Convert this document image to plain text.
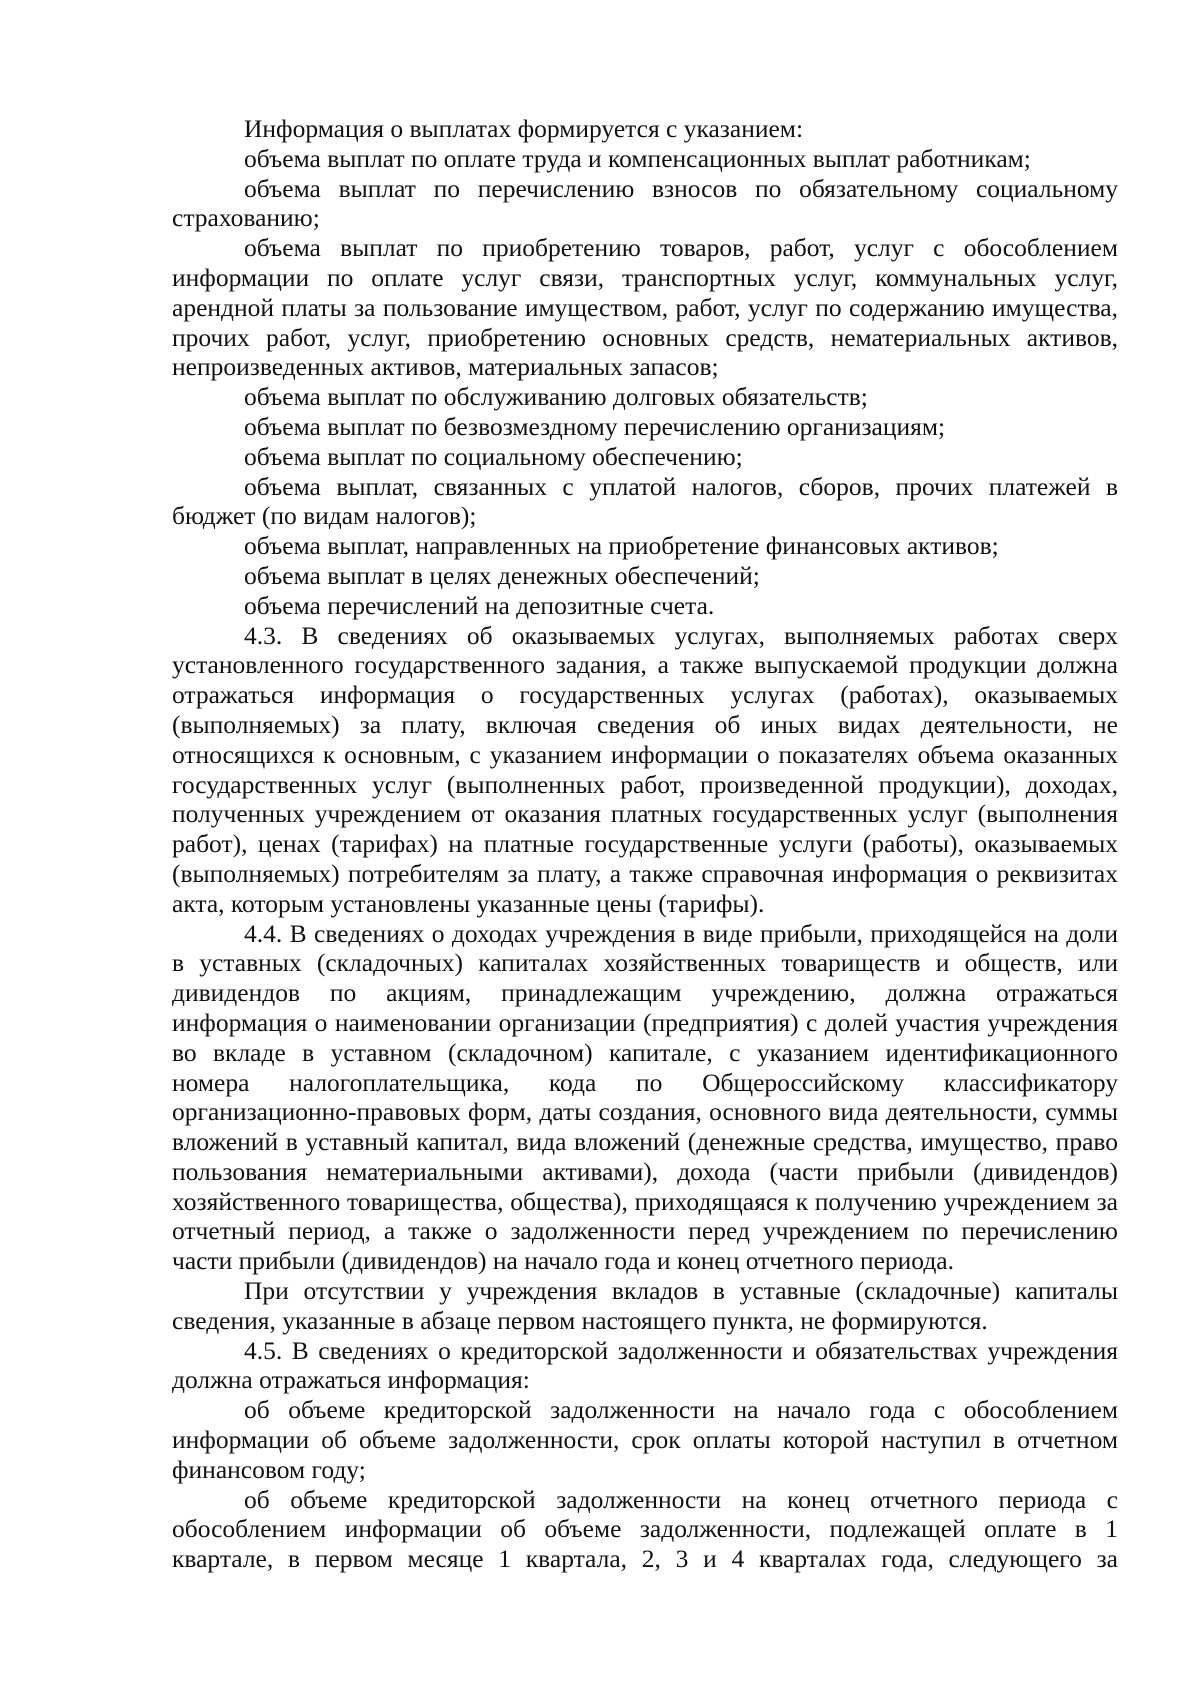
Информация о выплатах формируется с указанием:

объема выплат по оплате труда и компенсационных выплат работникам;

объема выплат по перечислению взносов по обязательному социальному страхованию;

объема выплат по приобретению товаров, работ, услуг с обособлением информации по оплате услуг связи, транспортных услуг, коммунальных услуг, арендной платы за пользование имуществом, работ, услуг по содержанию имущества, прочих работ, услуг, приобретению основных средств, нематериальных активов, непроизведенных активов, материальных запасов;

объема выплат по обслуживанию долговых обязательств;

объема выплат по безвозмездному перечислению организациям;

объема выплат по социальному обеспечению;

объема выплат, связанных с уплатой налогов, сборов, прочих платежей в бюджет (по видам налогов);

объема выплат, направленных на приобретение финансовых активов;

объема выплат в целях денежных обеспечений;

объема перечислений на депозитные счета.

4.3. В сведениях об оказываемых услугах, выполняемых работах сверх установленного государственного задания, а также выпускаемой продукции должна отражаться информация о государственных услугах (работах), оказываемых (выполняемых) за плату, включая сведения об иных видах деятельности, не относящихся к основным, с указанием информации о показателях объема оказанных государственных услуг (выполненных работ, произведенной продукции), доходах, полученных учреждением от оказания платных государственных услуг (выполнения работ), ценах (тарифах) на платные государственные услуги (работы), оказываемых (выполняемых) потребителям за плату, а также справочная информация о реквизитах акта, которым установлены указанные цены (тарифы).

4.4. В сведениях о доходах учреждения в виде прибыли, приходящейся на доли в уставных (складочных) капиталах хозяйственных товариществ и обществ, или дивидендов по акциям, принадлежащим учреждению, должна отражаться информация о наименовании организации (предприятия) с долей участия учреждения во вкладе в уставном (складочном) капитале, с указанием идентификационного номера налогоплательщика, кода по Общероссийскому классификатору организационно-правовых форм, даты создания, основного вида деятельности, суммы вложений в уставный капитал, вида вложений (денежные средства, имущество, право пользования нематериальными активами), дохода (части прибыли (дивидендов) хозяйственного товарищества, общества), приходящаяся к получению учреждением за отчетный период, а также о задолженности перед учреждением по перечислению части прибыли (дивидендов) на начало года и конец отчетного периода.

При отсутствии у учреждения вкладов в уставные (складочные) капиталы сведения, указанные в абзаце первом настоящего пункта, не формируются.

4.5. В сведениях о кредиторской задолженности и обязательствах учреждения должна отражаться информация:

об объеме кредиторской задолженности на начало года с обособлением информации об объеме задолженности, срок оплаты которой наступил в отчетном финансовом году;

об объеме кредиторской задолженности на конец отчетного периода с обособлением информации об объеме задолженности, подлежащей оплате в 1 квартале, в первом месяце 1 квартала, 2, 3 и 4 кварталах года, следующего за
